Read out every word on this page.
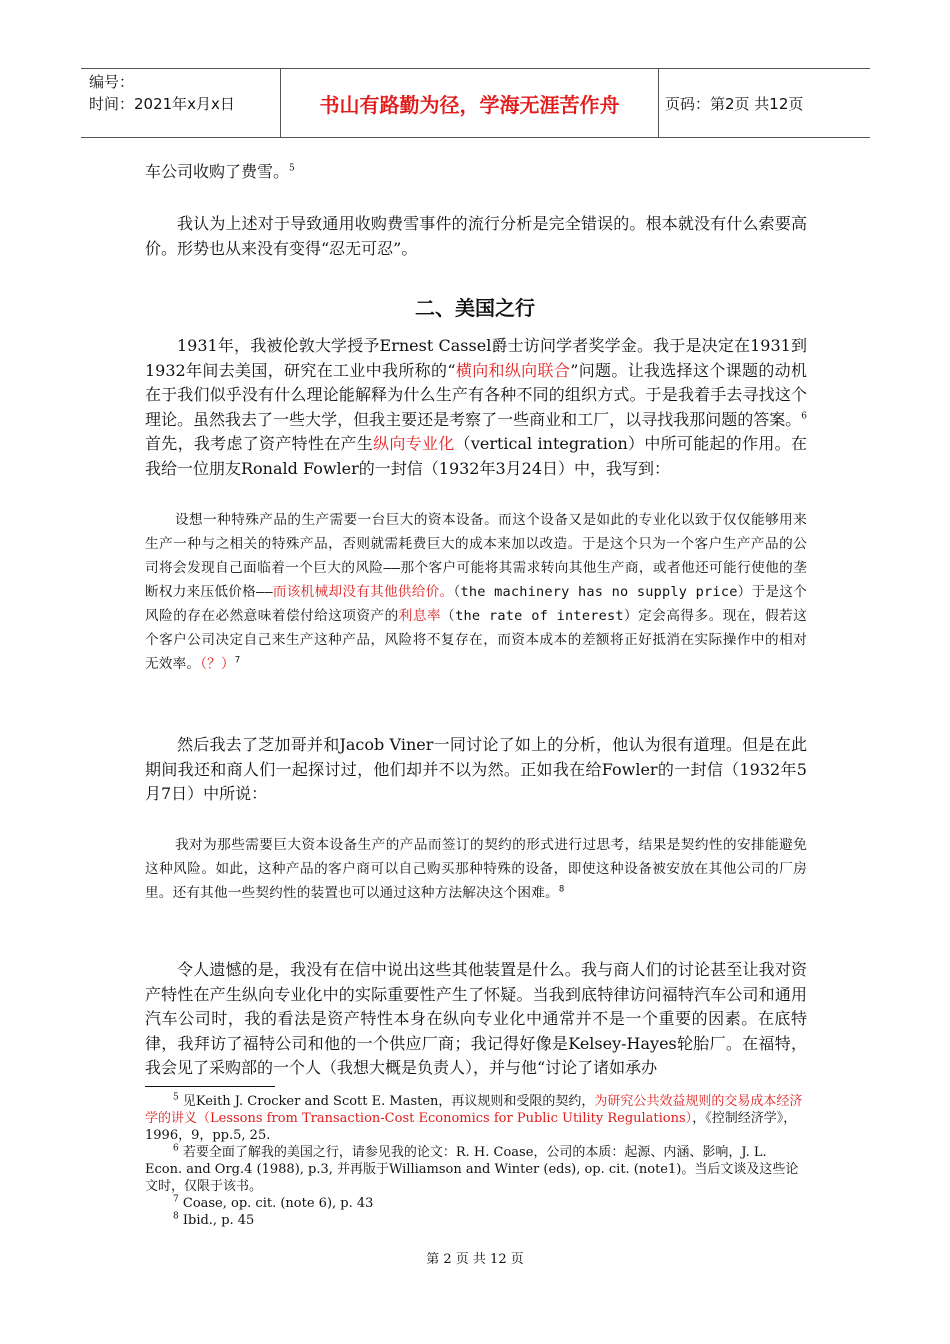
编号：
时间：2021年x月x日	书山有路勤为径，学海无涯苦作舟	页码：第2页 共12页

车公司收购了费雪。$^5$

我认为上述对于导致通用收购费雪事件的流行分析是完全错误的。根本就没有什么索要高价。形势也从来没有变得“忍无可忍”。

二、美国之行

1931年，我被伦敦大学授予Ernest Cassel爵士访问学者奖学金。我于是决定在1931到1932年间去美国，研究在工业中我所称的“横向和纵向联合”问题。让我选择这个课题的动机在于我们似乎没有什么理论能解释为什么生产有各种不同的组织方式。于是我着手去寻找这个理论。虽然我去了一些大学，但我主要还是考察了一些商业和工厂，以寻找我那问题的答案。$^6$ 首先，我考虑了资产特性在产生纵向专业化（vertical integration）中所可能起的作用。在我给一位朋友Ronald Fowler的一封信（1932年3月24日）中，我写到：

设想一种特殊产品的生产需要一台巨大的资本设备。而这个设备又是如此的专业化以致于仅仅能够用来生产一种与之相关的特殊产品，否则就需耗费巨大的成本来加以改造。于是这个只为一个客户生产产品的公司将会发现自己面临着一个巨大的风险——那个客户可能将其需求转向其他生产商，或者他还可能行使他的垄断权力来压低价格——而该机械却没有其他供给价。（the machinery has no supply price）于是这个风险的存在必然意味着偿付给这项资产的利息率（the rate of interest）定会高得多。现在，假若这个客户公司决定自己来生产这种产品，风险将不复存在，而资本成本的差额将正好抵消在实际操作中的相对无效率。（？）$^7$

然后我去了芝加哥并和Jacob Viner一同讨论了如上的分析，他认为很有道理。但是在此期间我还和商人们一起探讨过，他们却并不以为然。正如我在给Fowler的一封信（1932年5月7日）中所说：

我对为那些需要巨大资本设备生产的产品而签订的契约的形式进行过思考，结果是契约性的安排能避免这种风险。如此，这种产品的客户商可以自己购买那种特殊的设备，即使这种设备被安放在其他公司的厂房里。还有其他一些契约性的装置也可以通过这种方法解决这个困难。$^8$

令人遗憾的是，我没有在信中说出这些其他装置是什么。我与商人们的讨论甚至让我对资产特性在产生纵向专业化中的实际重要性产生了怀疑。当我到底特律访问福特汽车公司和通用汽车公司时，我的看法是资产特性本身在纵向专业化中通常并不是一个重要的因素。在底特律，我拜访了福特公司和他的一个供应厂商；我记得好像是Kelsey-Hayes轮胎厂。在福特，我会见了采购部的一个人（我想大概是负责人），并与他“讨论了诸如承办

$^5$ 见Keith J. Crocker and Scott E. Masten，再议规则和受限的契约，为研究公共效益规则的交易成本经济学的讲义（Lessons from Transaction-Cost Economics for Public Utility Regulations），《控制经济学》，1996，9，pp.5, 25.

$^6$ 若要全面了解我的美国之行，请参见我的论文：R. H. Coase，公司的本质：起源、内涵、影响，J. L. Econ. and Org.4 (1988), p.3, 并再版于Williamson and Winter (eds), op. cit. (note1)。当后文谈及这些论文时，仅限于该书。

$^7$ Coase, op. cit. (note 6), p. 43

$^8$ Ibid., p. 45

第 2 页 共 12 页
